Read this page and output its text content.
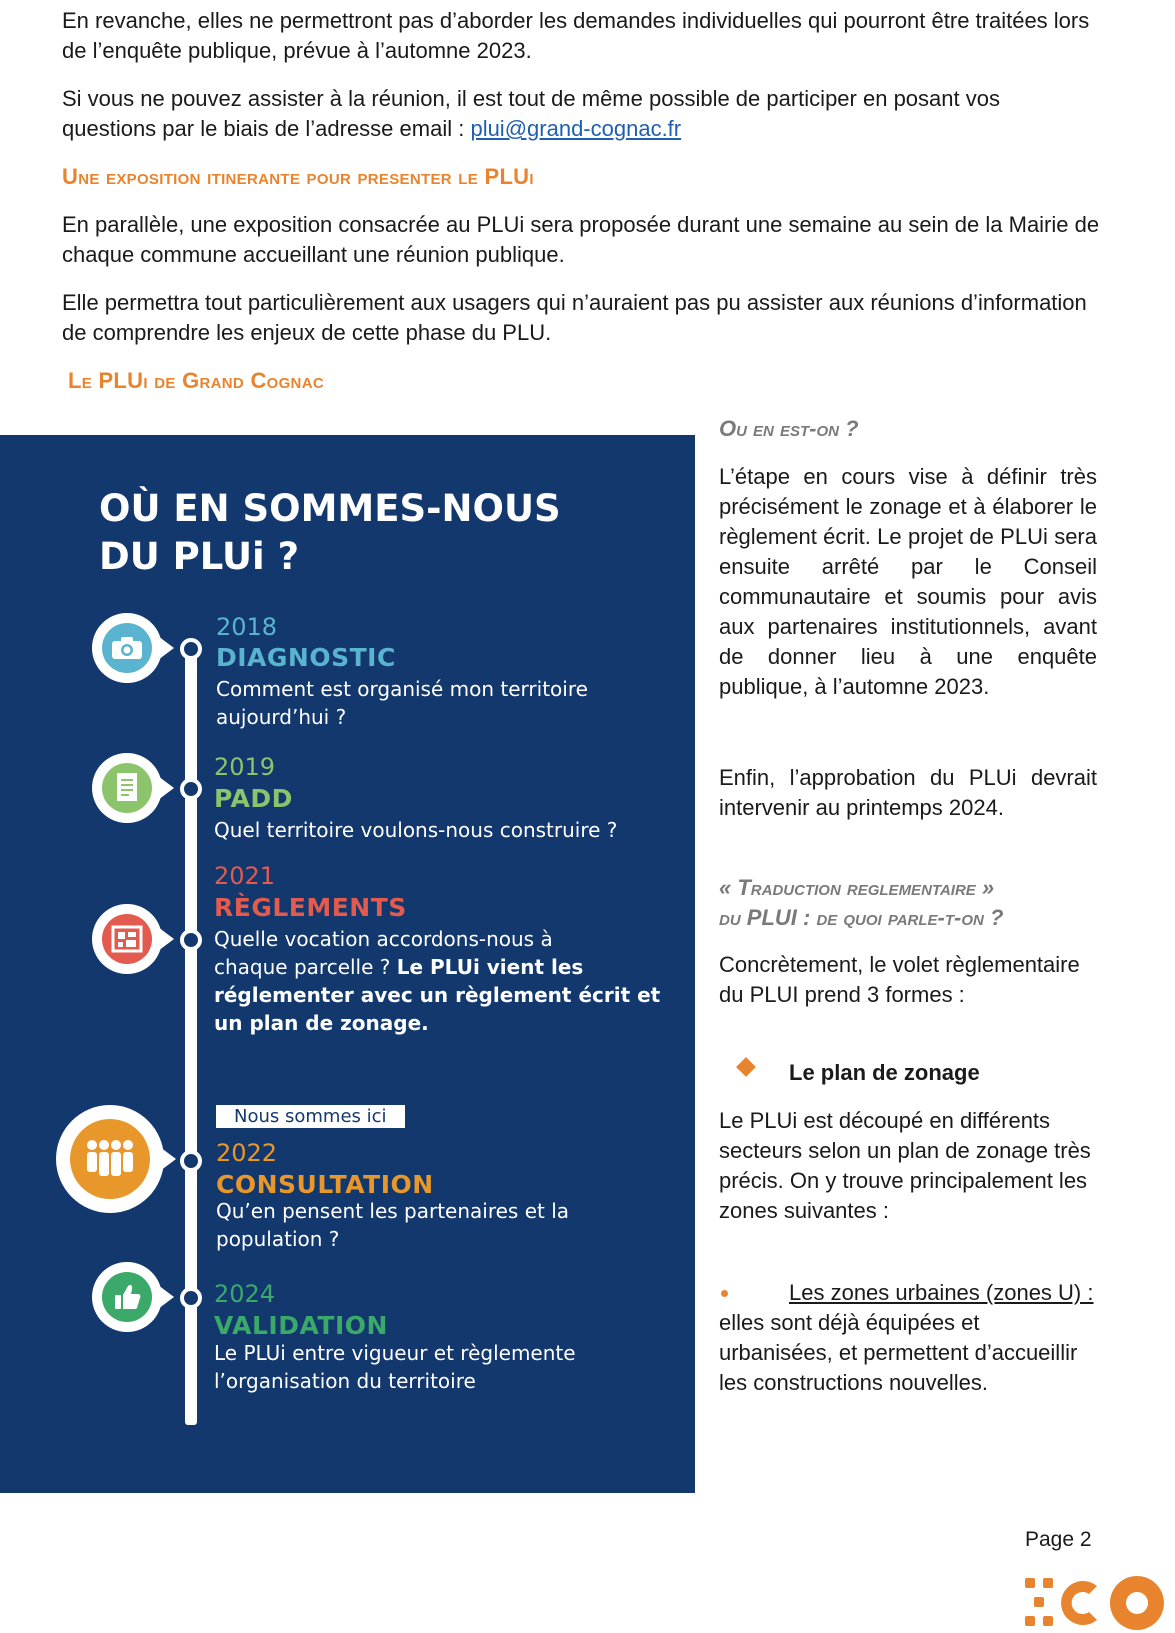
En revanche, elles ne permettront pas d’aborder les demandes individuelles qui pourront être traitées lors de l’enquête publique, prévue à l’automne 2023.

Si vous ne pouvez assister à la réunion, il est tout de même possible de participer en posant vos questions par le biais de l’adresse email : plui@grand-cognac.fr

Une exposition itinerante pour presenter le PLUi

En parallèle, une exposition consacrée au PLUi sera proposée durant une semaine au sein de la Mairie de chaque commune accueillant une réunion publique.

Elle permettra tout particulièrement aux usagers qui n’auraient pas pu assister aux réunions d’information de comprendre les enjeux de cette phase du PLU.

Le PLUi de Grand Cognac
OÙ EN SOMMES-NOUS
DU PLUi ?
2018
DIAGNOSTIC
Comment est organisé mon territoire
aujourd’hui ?
2019
PADD
Quel territoire voulons-nous construire ?
2021
RÈGLEMENTS
Quelle vocation accordons-nous à
chaque parcelle ? Le PLUi vient les
réglementer avec un règlement écrit et
un plan de zonage.
Nous sommes ici
2022
CONSULTATION
Qu’en pensent les partenaires et la
population ?
2024
VALIDATION
Le PLUi entre vigueur et règlemente
l’organisation du territoire
Ou en est-on ?

L’étape en cours vise à définir très précisément le zonage et à élaborer le règlement écrit. Le projet de PLUi sera ensuite arrêté par le Conseil communautaire et soumis pour avis aux partenaires institutionnels, avant de donner lieu à une enquête publique, à l’automne 2023.

Enfin, l’approbation du PLUi devrait intervenir au printemps 2024.

« Traduction reglementaire »
du PLUI : de quoi parle-t-on ?

Concrètement, le volet règlementaire du PLUI prend 3 formes :

Le plan de zonage

Le PLUi est découpé en différents secteurs selon un plan de zonage très précis. On y trouve principalement les zones suivantes :

Les zones urbaines (zones U) : elles sont déjà équipées et urbanisées, et permettent d’accueillir les constructions nouvelles.

Page 2
